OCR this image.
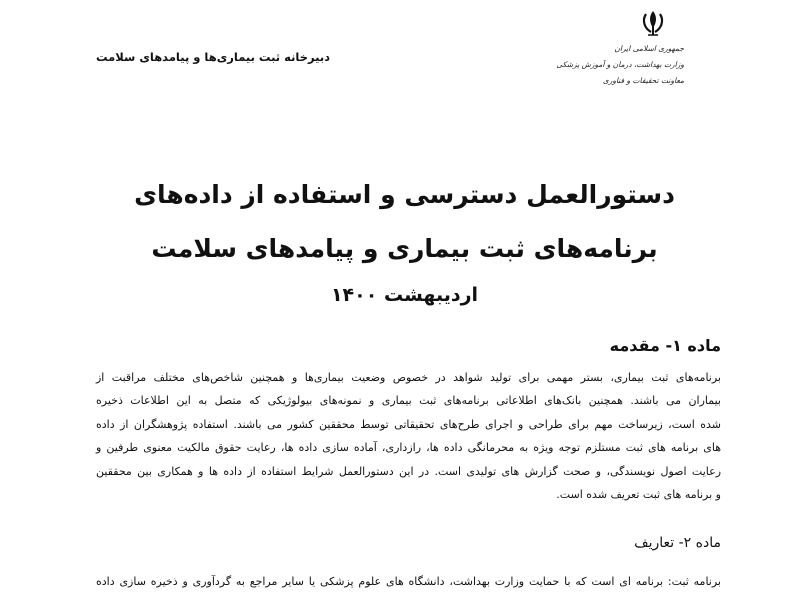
دبیرخانه ثبت بیماری‌ها و پیامدهای سلامت
جمهوری اسلامی ایران
وزارت بهداشت، درمان و آموزش پزشکی
معاونت تحقیقات و فناوری
دستورالعمل دسترسی و استفاده از داده‌های
برنامه‌های ثبت بیماری و پیامدهای سلامت
اردیبهشت ۱۴۰۰
ماده ۱- مقدمه
برنامه‌های ثبت بیماری، بستر مهمی برای تولید شواهد در خصوص وضعیت بیماری‌ها و همچنین شاخص‌های مختلف مراقبت از
بیماران می باشند. همچنین بانک‌های اطلاعاتی برنامه‌های ثبت بیماری و نمونه‌های بیولوژیکی که متصل به این اطلاعات ذخیره
شده است، زیرساخت مهم برای طراحی و اجرای طرح‌های تحقیقاتی توسط محققین کشور می باشند. استفاده پژوهشگران از داده
های برنامه های ثبت مستلزم توجه ویژه به محرمانگی داده ها، رازداری، آماده سازی داده ها، رعایت حقوق مالکیت معنوی طرفین و
رعایت اصول نویسندگی، و صحت گزارش های تولیدی است. در این دستورالعمل شرایط استفاده از داده ها و همکاری بین محققین
و برنامه های ثبت تعریف شده است.
ماده ۲- تعاریف
برنامه ثبت: برنامه ای است که با حمایت وزارت بهداشت، دانشگاه های علوم پزشکی یا سایر مراجع به گردآوری و ذخیره سازی داده
